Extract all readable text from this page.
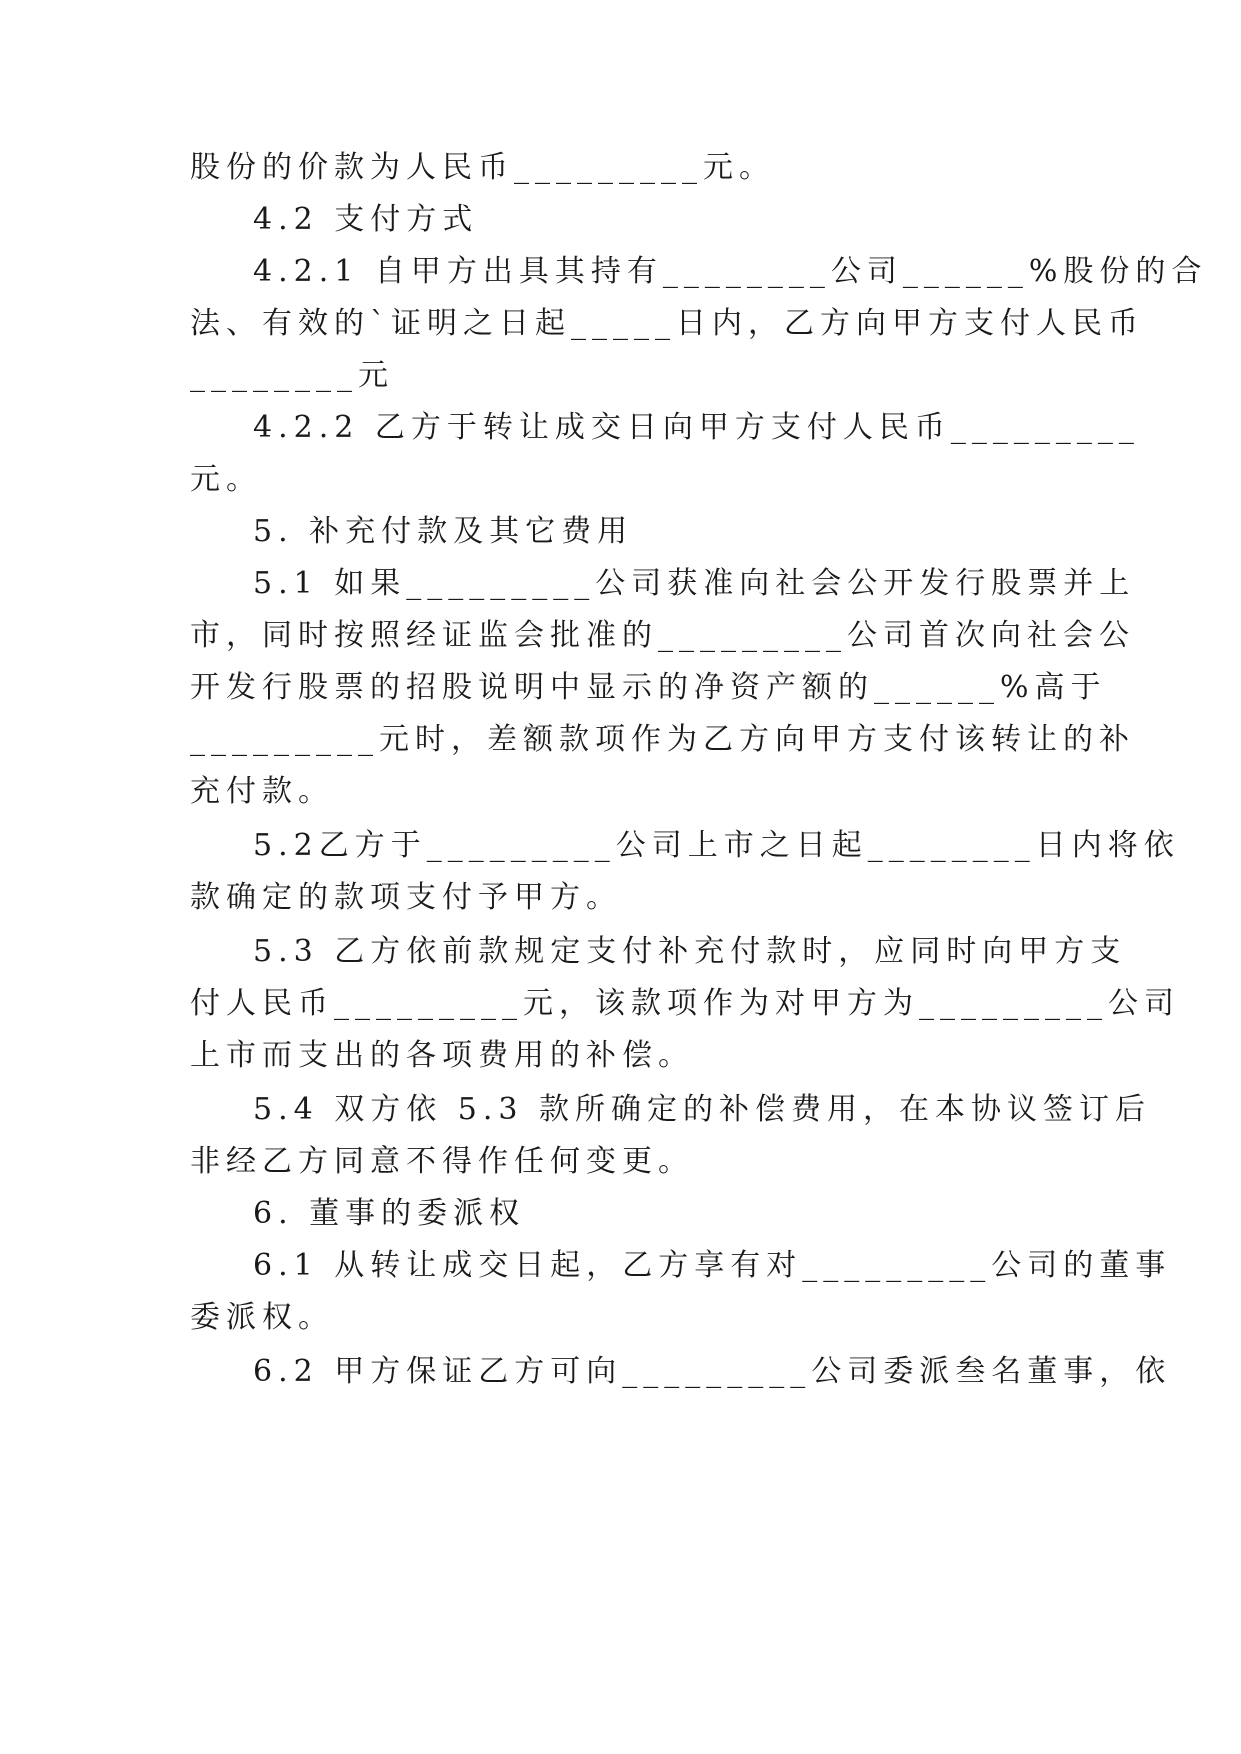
股份的价款为人民币_________元。
4.2 支付方式
4.2.1 自甲方出具其持有________公司______%股份的合
法、有效的`证明之日起_____日内，乙方向甲方支付人民币
________元
4.2.2 乙方于转让成交日向甲方支付人民币_________
元。
5. 补充付款及其它费用
5.1 如果_________公司获准向社会公开发行股票并上
市，同时按照经证监会批准的_________公司首次向社会公
开发行股票的招股说明中显示的净资产额的______%高于
_________元时，差额款项作为乙方向甲方支付该转让的补
充付款。
5.2乙方于_________公司上市之日起________日内将依
款确定的款项支付予甲方。
5.3 乙方依前款规定支付补充付款时，应同时向甲方支
付人民币_________元，该款项作为对甲方为_________公司
上市而支出的各项费用的补偿。
5.4 双方依 5.3 款所确定的补偿费用，在本协议签订后
非经乙方同意不得作任何变更。
6. 董事的委派权
6.1 从转让成交日起，乙方享有对_________公司的董事
委派权。
6.2 甲方保证乙方可向_________公司委派叁名董事，依
